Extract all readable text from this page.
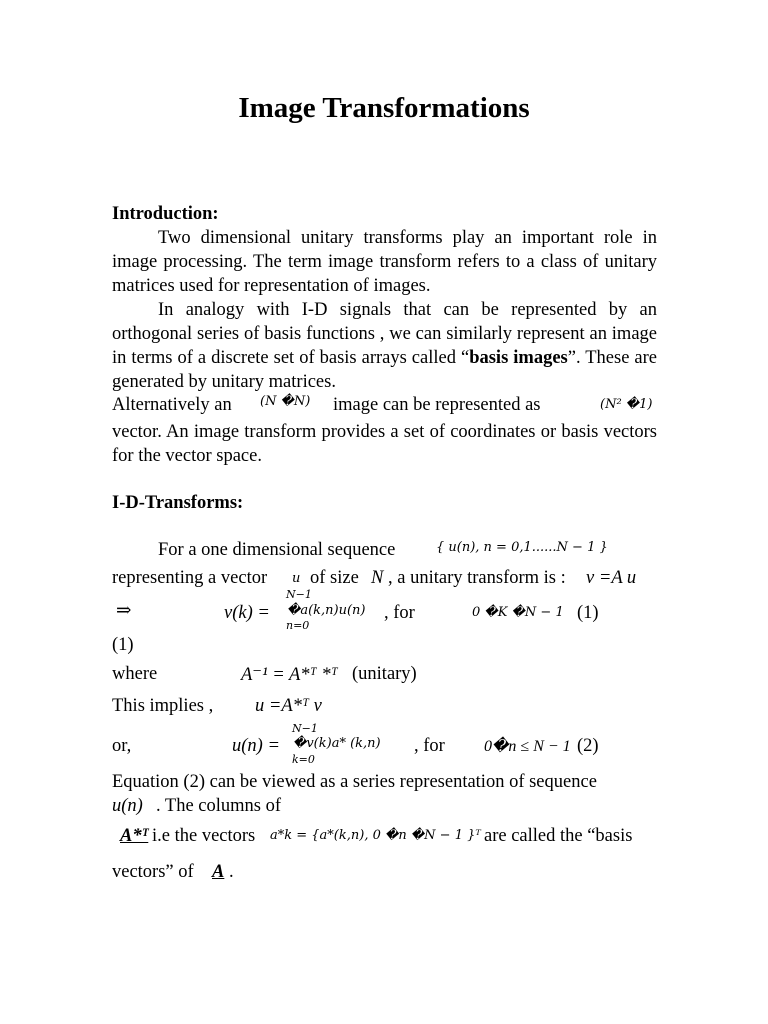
Image Transformations
Introduction:
Two dimensional unitary transforms play an important role in image processing. The term image transform refers to a class of unitary matrices used for representation of images.
In analogy with I-D signals that can be represented by an orthogonal series of basis functions , we can similarly represent an image in terms of a discrete set of basis arrays called “basis images”. These are generated by unitary matrices.
Alternatively an (N �N) image can be represented as	(N² �1)
vector. An image transform provides a set of coordinates or basis vectors for the vector space.
I-D-Transforms:
For a one dimensional sequence	{ u(n), n = 0,1......N − 1 }
representing a vector u of size N , a unitary transform is : v =A u
⇒
N−1
v(k) = �a(k,n)u(n)
n=0
, for	0 �K �N − 1 (1)
(1)
where	A⁻¹ = A*ᵀ *ᵀ (unitary)
This implies , u =A*ᵀ v
N−1
or,	u(n) = �v(k)a* (k,n)
k=0
, for 0�n ≤ N − 1 (2)
Equation (2) can be viewed as a series representation of sequence
u(n) . The columns of
A*ᵀ i.e the vectors a*k = {a*(k,n), 0 �n �N − 1 }ᵀ are called the “basis
vectors” of A .
